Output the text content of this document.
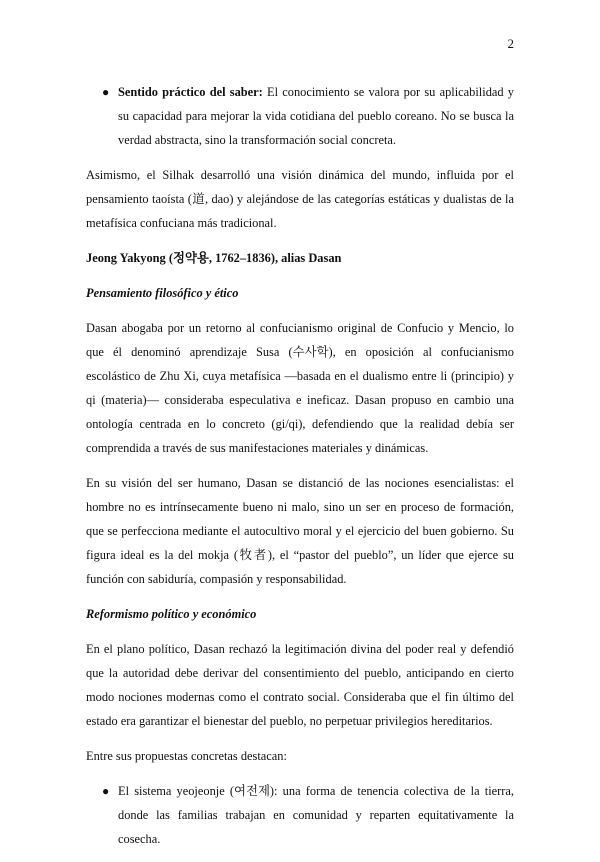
2
● Sentido práctico del saber: El conocimiento se valora por su aplicabilidad y su capacidad para mejorar la vida cotidiana del pueblo coreano. No se busca la verdad abstracta, sino la transformación social concreta.

Asimismo, el Silhak desarrolló una visión dinámica del mundo, influida por el pensamiento taoísta (道, dao) y alejándose de las categorías estáticas y dualistas de la metafísica confuciana más tradicional.

Jeong Yakyong (정약용, 1762–1836), alias Dasan

Pensamiento filosófico y ético

Dasan abogaba por un retorno al confucianismo original de Confucio y Mencio, lo que él denominó aprendizaje Susa (수사학), en oposición al confucianismo escolástico de Zhu Xi, cuya metafísica —basada en el dualismo entre li (principio) y qi (materia)— consideraba especulativa e ineficaz. Dasan propuso en cambio una ontología centrada en lo concreto (gi/qi), defendiendo que la realidad debía ser comprendida a través de sus manifestaciones materiales y dinámicas.

En su visión del ser humano, Dasan se distanció de las nociones esencialistas: el hombre no es intrínsecamente bueno ni malo, sino un ser en proceso de formación, que se perfecciona mediante el autocultivo moral y el ejercicio del buen gobierno. Su figura ideal es la del mokja (牧者), el “pastor del pueblo”, un líder que ejerce su función con sabiduría, compasión y responsabilidad.

Reformismo político y económico

En el plano político, Dasan rechazó la legitimación divina del poder real y defendió que la autoridad debe derivar del consentimiento del pueblo, anticipando en cierto modo nociones modernas como el contrato social. Consideraba que el fin último del estado era garantizar el bienestar del pueblo, no perpetuar privilegios hereditarios.

Entre sus propuestas concretas destacan:

● El sistema yeojeonje (여전제): una forma de tenencia colectiva de la tierra, donde las familias trabajan en comunidad y reparten equitativamente la cosecha.
